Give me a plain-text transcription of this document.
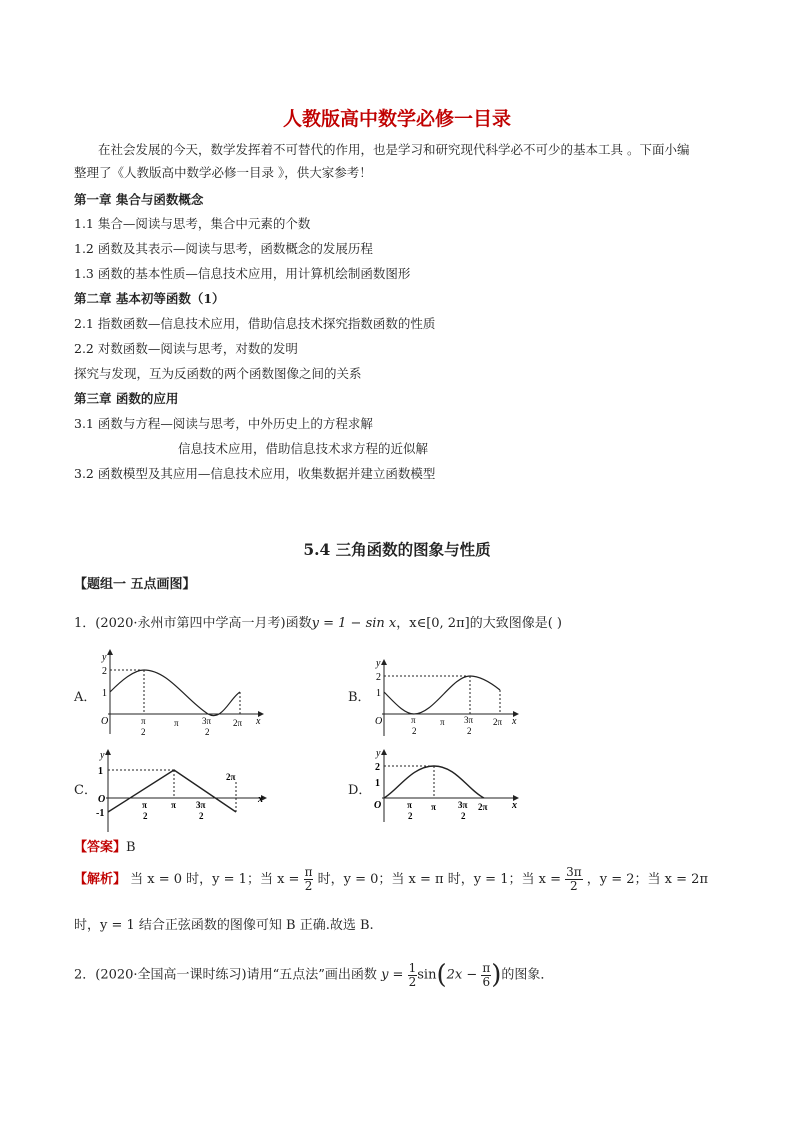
人教版高中数学必修一目录
在社会发展的今天，数学发挥着不可替代的作用，也是学习和研究现代科学必不可少的基本工具 。下面小编
整理了《人教版高中数学必修一目录 》，供大家参考！
第一章 集合与函数概念
1.1 集合—阅读与思考，集合中元素的个数
1.2 函数及其表示—阅读与思考，函数概念的发展历程
1.3 函数的基本性质—信息技术应用，用计算机绘制函数图形
第二章 基本初等函数（1）
2.1 指数函数—信息技术应用，借助信息技术探究指数函数的性质
2.2 对数函数—阅读与思考，对数的发明
探究与发现，互为反函数的两个函数图像之间的关系
第三章 函数的应用
3.1 函数与方程—阅读与思考，中外历史上的方程求解
信息技术应用，借助信息技术求方程的近似解
3.2 函数模型及其应用—信息技术应用，收集数据并建立函数模型
5.4 三角函数的图象与性质
【题组一 五点画图】
1．(2020·永州市第四中学高一月考)函数y = 1 − sin x，x∈[0, 2π]的大致图像是( )
A．	B．
C．	D．
y
2
1
O	π
2
π	3π
2
2π x
y
2
1
O	π
2
π 3π
2
2π x
y
1
O
-1
π
2
π 3π
2
2π
x
y
2
1
O	π
2
π 3π
2
2π x
【答案】B
【解析】 当 x = 0 时，y = 1；当 $x = \frac{\pi}{2}$ 时，y = 0；当 x = π 时，y = 1；当 $x = \frac{3\pi}{2}$ ，y = 2；当 x = 2π
时，y = 1 结合正弦函数的图像可知 B 正确.故选 B.
2．(2020·全国高一课时练习)请用“五点法”画出函数 $y = \frac{1}{2} \sin(2x - \frac{\pi}{6}$ )的图象．
